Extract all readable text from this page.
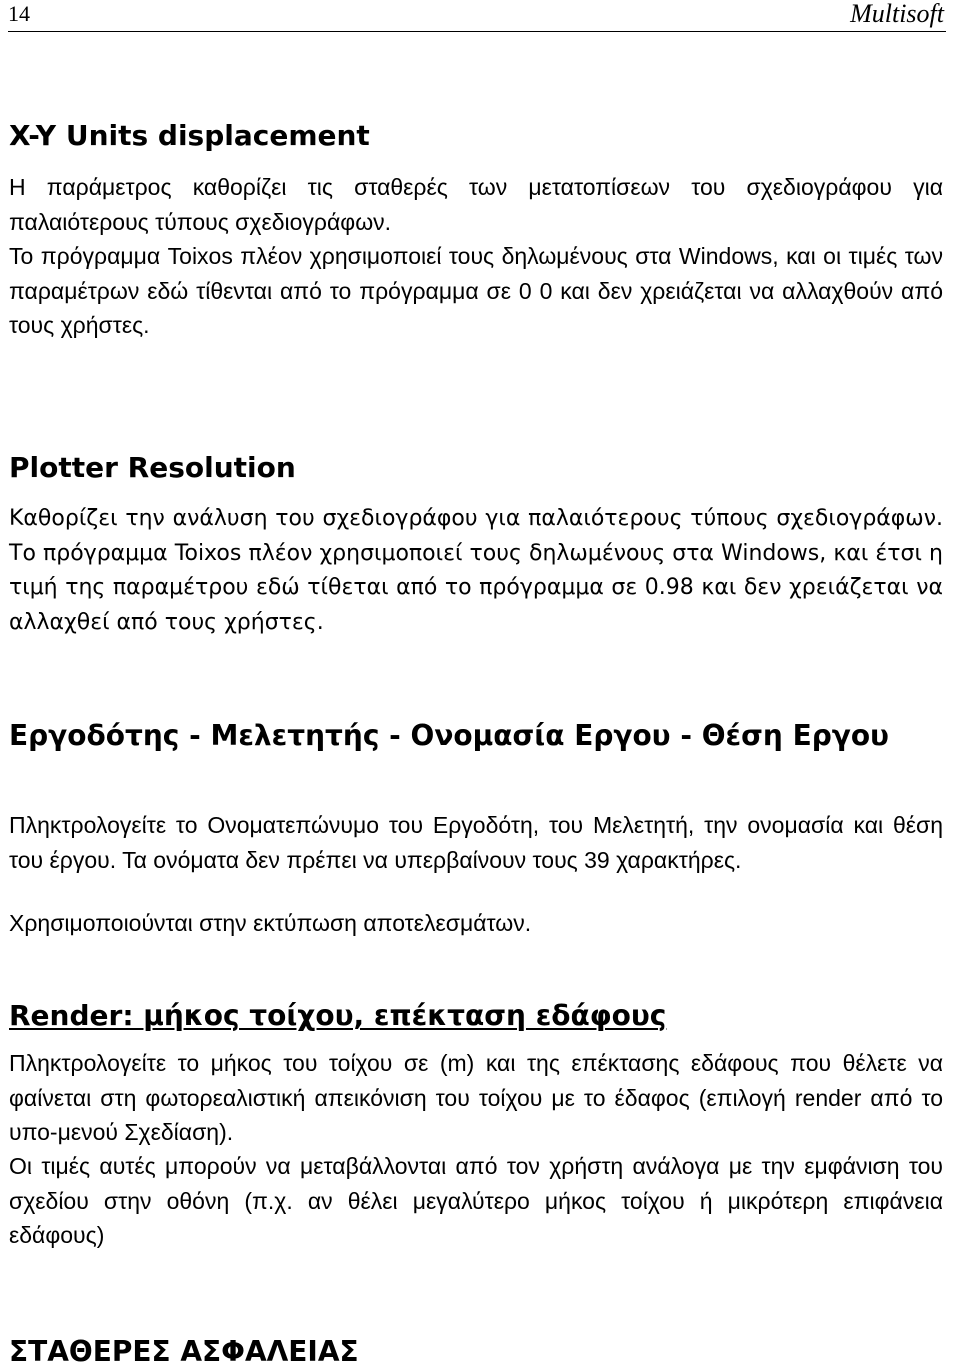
14	Multisoft
X-Y Units displacement

Η παράμετρος καθορίζει τις σταθερές των μετατοπίσεων του σχεδιογράφου για παλαιότερους τύπους σχεδιογράφων.

Το πρόγραμμα Toixos πλέον χρησιμοποιεί τους δηλωμένους στα Windows, και οι τιμές των παραμέτρων εδώ τίθενται από το πρόγραμμα σε 0 0 και δεν χρειάζεται να αλλαχθούν από τους χρήστες.

Plotter Resolution

Καθορίζει την ανάλυση του σχεδιογράφου για παλαιότερους τύπους σχεδιογράφων. Το πρόγραμμα Toixos πλέον χρησιμοποιεί τους δηλωμένους στα Windows, και έτσι η τιμή της παραμέτρου εδώ τίθεται από το πρόγραμμα σε 0.98 και δεν χρειάζεται να αλλαχθεί από τους χρήστες.

Εργοδότης - Μελετητής - Ονομασία Εργου - Θέση Εργου

Πληκτρολογείτε το Ονοματεπώνυμο του Εργοδότη, του Μελετητή, την ονομασία και θέση του έργου. Τα ονόματα δεν πρέπει να υπερβαίνουν τους 39 χαρακτήρες.

Χρησιμοποιούνται στην εκτύπωση αποτελεσμάτων.

Render: μήκος τοίχου, επέκταση εδάφους

Πληκτρολογείτε το μήκος του τοίχου σε (m) και της επέκτασης εδάφους που θέλετε να φαίνεται στη φωτορεαλιστική απεικόνιση του τοίχου με το έδαφος (επιλογή render από το υπο-μενού Σχεδίαση).

Οι τιμές αυτές μπορούν να μεταβάλλονται από τον χρήστη ανάλογα με την εμφάνιση του σχεδίου στην οθόνη (π.χ. αν θέλει μεγαλύτερο μήκος τοίχου ή μικρότερη επιφάνεια εδάφους)

ΣΤΑΘΕΡΕΣ ΑΣΦΑΛΕΙΑΣ
